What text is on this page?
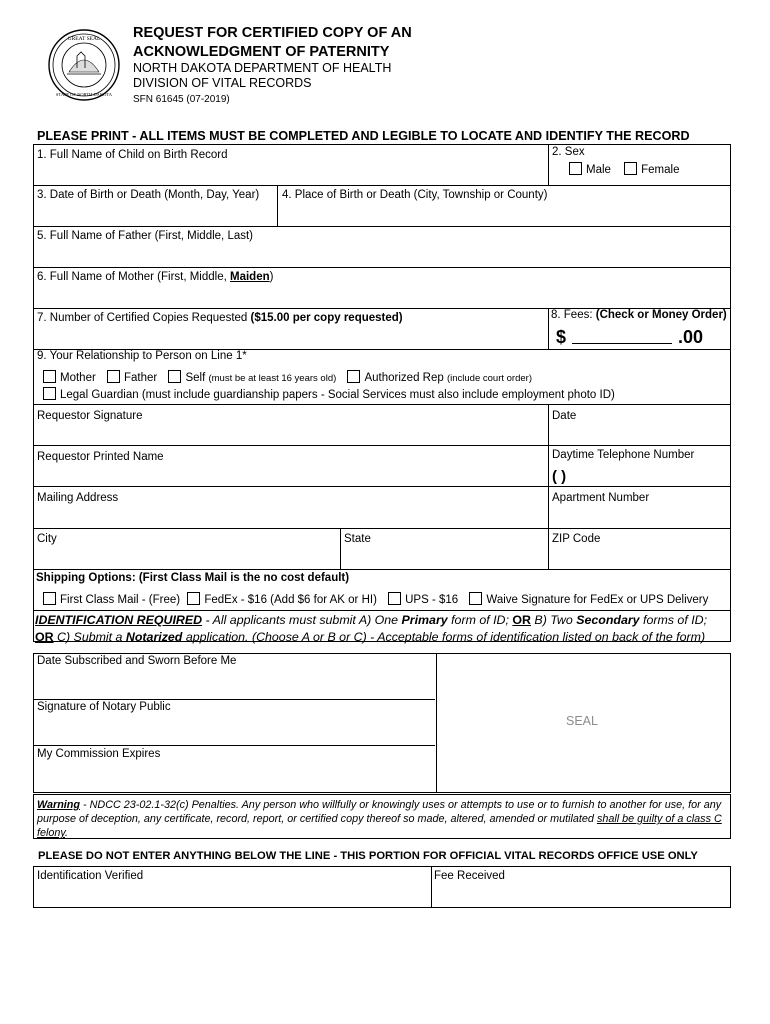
GREAT SEAL
STATE OF NORTH DAKOTA
REQUEST FOR CERTIFIED COPY OF AN
ACKNOWLEDGMENT OF PATERNITY
NORTH DAKOTA DEPARTMENT OF HEALTH
DIVISION OF VITAL RECORDS
SFN 61645 (07-2019)
PLEASE PRINT - ALL ITEMS MUST BE COMPLETED AND LEGIBLE TO LOCATE AND IDENTIFY THE RECORD
1. Full Name of Child on Birth Record	2. Sex
Male	Female
3. Date of Birth or Death (Month, Day, Year) 4. Place of Birth or Death (City, Township or County)
5. Full Name of Father (First, Middle, Last)
6. Full Name of Mother (First, Middle, Maiden)
7. Number of Certified Copies Requested ($15.00 per copy requested)	8. Fees: (Check or Money Order)
$	.00
9. Your Relationship to Person on Line 1*
Mother Father Self (must be at least 16 years old) Authorized Rep (include court order)
Legal Guardian (must include guardianship papers - Social Services must also include employment photo ID)
Requestor Signature	Date
Requestor Printed Name	Daytime Telephone Number
( )
Mailing Address	Apartment Number
City	State	ZIP Code
Shipping Options: (First Class Mail is the no cost default)
First Class Mail - (Free) FedEx - $16 (Add $6 for AK or HI) UPS - $16 Waive Signature for FedEx or UPS Delivery
IDENTIFICATION REQUIRED - All applicants must submit A) One Primary form of ID; OR B) Two Secondary forms of ID;
OR C) Submit a Notarized application. (Choose A or B or C) - Acceptable forms of identification listed on back of the form)
Date Subscribed and Sworn Before Me
Signature of Notary Public
My Commission Expires
SEAL
Warning - NDCC 23-02.1-32(c) Penalties. Any person who willfully or knowingly uses or attempts to use or to furnish to another for use, for any purpose of deception, any certificate, record, report, or certified copy thereof so made, altered, amended or mutilated shall be guilty of a class C felony.
PLEASE DO NOT ENTER ANYTHING BELOW THE LINE - THIS PORTION FOR OFFICIAL VITAL RECORDS OFFICE USE ONLY
Identification Verified	Fee Received
